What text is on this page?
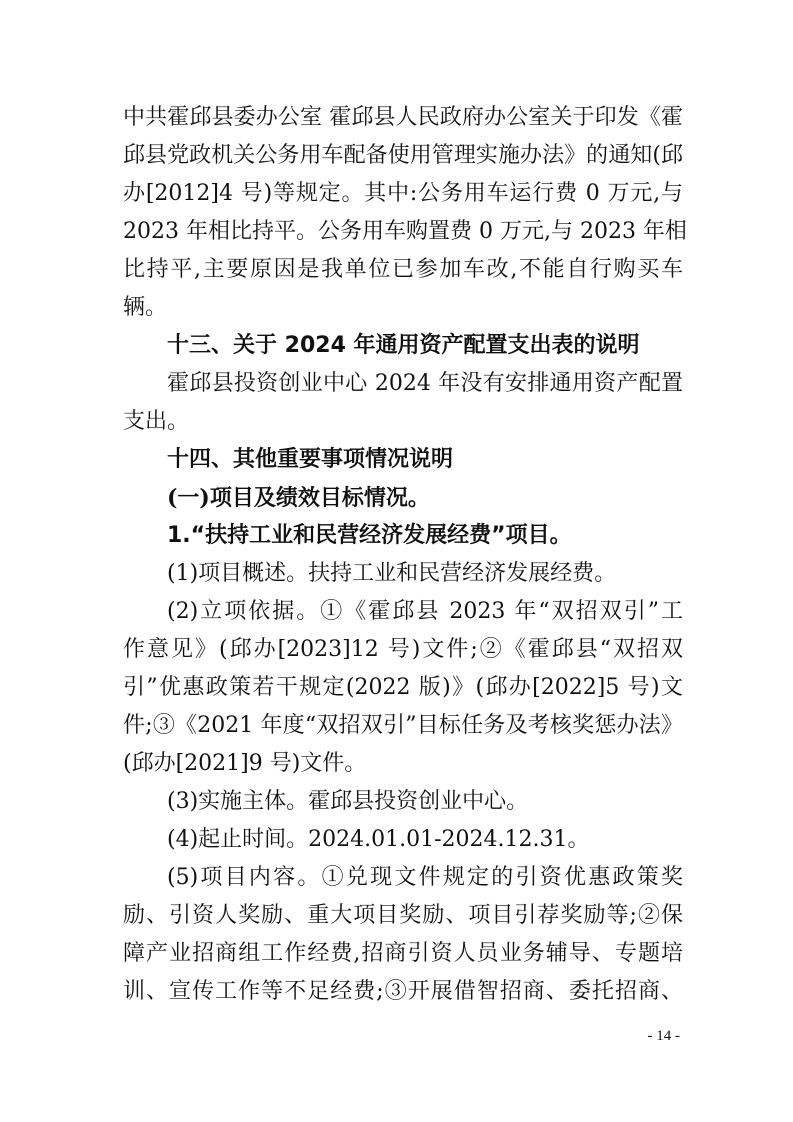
中共霍邱县委办公室 霍邱县人民政府办公室关于印发《霍
邱县党政机关公务用车配备使用管理实施办法》的通知(邱
办[2012]4 号)等规定。其中:公务用车运行费 0 万元,与
2023 年相比持平。公务用车购置费 0 万元,与 2023 年相
比持平,主要原因是我单位已参加车改,不能自行购买车
辆。
十三、关于 2024 年通用资产配置支出表的说明
霍邱县投资创业中心 2024 年没有安排通用资产配置
支出。
十四、其他重要事项情况说明
(一)项目及绩效目标情况。
1.“扶持工业和民营经济发展经费”项目。
(1)项目概述。扶持工业和民营经济发展经费。
(2)立项依据。①《霍邱县 2023 年“双招双引”工
作意见》(邱办[2023]12 号)文件;②《霍邱县“双招双
引”优惠政策若干规定(2022 版)》(邱办[2022]5 号)文
件;③《2021 年度“双招双引”目标任务及考核奖惩办法》
(邱办[2021]9 号)文件。
(3)实施主体。霍邱县投资创业中心。
(4)起止时间。2024.01.01-2024.12.31。
(5)项目内容。①兑现文件规定的引资优惠政策奖
励、引资人奖励、重大项目奖励、项目引荐奖励等;②保
障产业招商组工作经费,招商引资人员业务辅导、专题培
训、宣传工作等不足经费;③开展借智招商、委托招商、
- 14 -
